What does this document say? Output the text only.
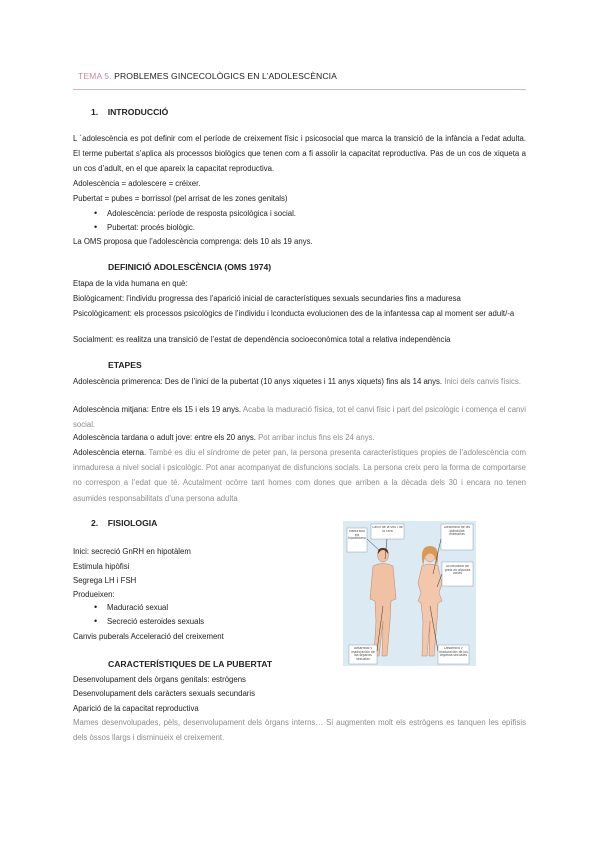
TEMA 5. PROBLEMES GINCECOLÒGICS EN L’ADOLESCÈNCIA
1.    INTRODUCCIÓ

L ´adolescència es pot definir com el període de creixement físic i psicosocial que marca la transició de la infància a l’edat adulta. El terme pubertat s’aplica als processos biològics que tenen com a fi assolir la capacitat reproductiva. Pas de un cos de xiqueta a un cos d’adult, en el que apareix la capacitat reproductiva.

Adolescència = adolescere = créixer.

Pubertat = pubes = borrissol (pel arrisat de les zones genitals)

• Adolescència: període de resposta psicològica i social.
• Pubertat: procés biològic.

La OMS proposa que l’adolescència comprenga: dels 10 als 19 anys.

DEFINICIÓ ADOLESCÈNCIA (OMS 1974)

Etapa de la vida humana en què:

Biològicament: l’individu progressa des l’aparició inicial de característiques sexuals secundaries fins a maduresa

Psicològicament: els processos psicològics de l’individu i lconducta evolucionen des de la infantessa cap al moment ser adult/-a

Socialment: es realitza una transició de l’estat de dependència socioeconòmica total a relativa independència

ETAPES

Adolescència primerenca: Des de l’inici de la pubertat (10 anys xiquetes i 11 anys xiquets) fins als 14 anys. Inici dels canvis físics.

Adolescència mitjana: Entre els 15 i els 19 anys. Acaba la maduració física, tot el canvi físic i part del psicològic i comença el canvi social.

Adolescència tardana o adult jove: entre els 20 anys. Pot arribar inclus fins els 24 anys.

Adolescència eterna. També es diu el síndrome de peter pan, la persona presenta característiques propies de l’adolescència com inmaduresa a nivel social i psicològic. Pot anar acompanyat de disfuncions socials. La persona creix pero la forma de comportarse no correspon a l’edat que té. Acutalment ocòrre tant homes com dones que arriben a la dècada dels 30 i encara no tenen asumides responsabilitats d’una persona adulta

2.    FISIOLOGIA
Inici: secreció GnRH en hipotàlem
Estimula hipòfisi
Segrega LH i FSH
Produeixen:
• Maduració sexual
• Secreció esteroides sexuals
Canvis puberals Acceleració del creixement
Maduració eix hipotàlamo
Canvi de la veu i de la cara
Desarrollo de las glándulas mamarias
Acumulació de greix en algunes zones
Desarrollo y maduración de los órganos sexuales
Desarrollo y maduración de los órganos sexuales
CARACTERÍSTIQUES DE LA PUBERTAT
Desenvolupament dels òrgans genitals: estrògens
Desenvolupament dels caràcters sexuals secundaris
Aparició de la capacitat reproductiva

Mames desenvolupades, pèls, desenvolupament dels òrgans interns… Si augmenten molt els estrògens es tanquen les epífisis dels òssos llargs i disminueix el creixement.
